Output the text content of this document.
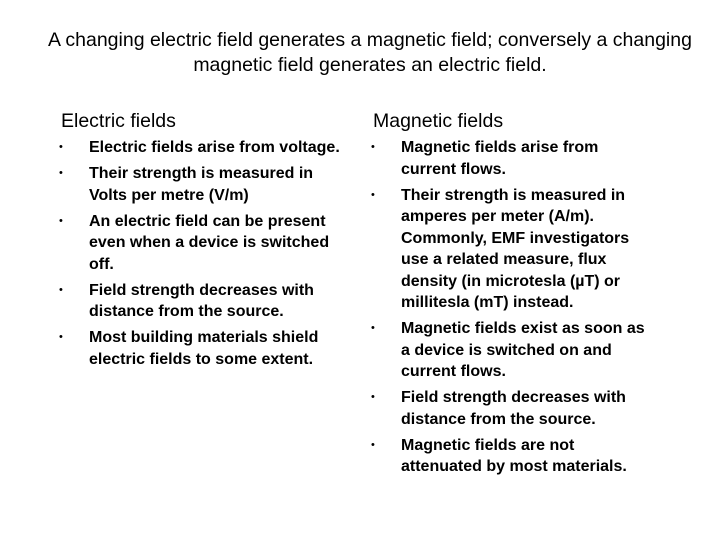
A changing electric field generates a magnetic field; conversely a changing magnetic field generates an electric field.
Electric fields
• Electric fields arise from voltage.
• Their strength is measured in Volts per metre (V/m)
• An electric field can be present even when a device is switched off.
• Field strength decreases with distance from the source.
• Most building materials shield electric fields to some extent.
Magnetic fields
• Magnetic fields arise from current flows.
• Their strength is measured in amperes per meter (A/m). Commonly, EMF investigators use a related measure, flux density (in microtesla (µT) or millitesla (mT) instead.
• Magnetic fields exist as soon as a device is switched on and current flows.
• Field strength decreases with distance from the source.
• Magnetic fields are not attenuated by most materials.
